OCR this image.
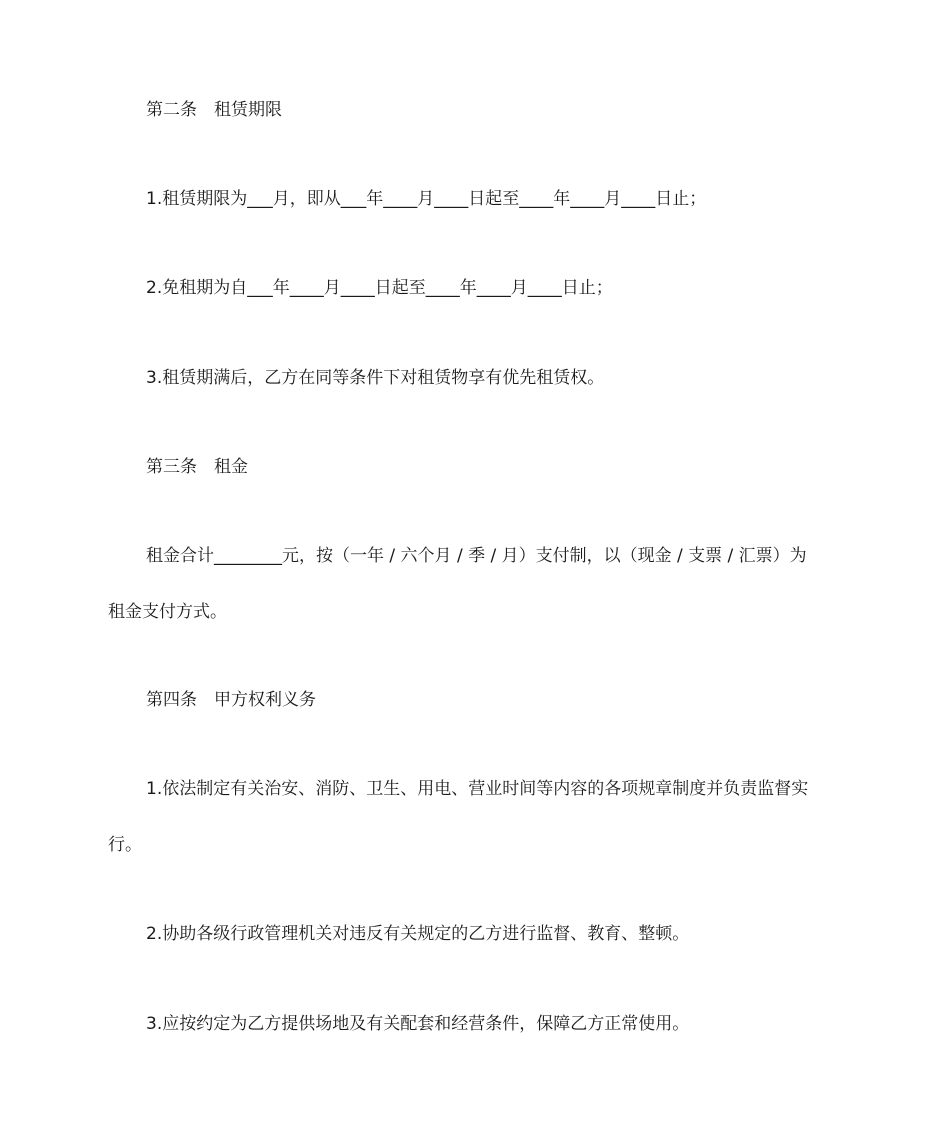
第二条　租赁期限
1.租赁期限为___月，即从___年____月____日起至____年____月____日止；
2.免租期为自___年____月____日起至____年____月____日止；
3.租赁期满后，乙方在同等条件下对租赁物享有优先租赁权。
第三条　租金
租金合计________元，按（一年 / 六个月 / 季 / 月）支付制，以（现金 / 支票 / 汇票）为
租金支付方式。
第四条　甲方权利义务
1.依法制定有关治安、消防、卫生、用电、营业时间等内容的各项规章制度并负责监督实
行。
2.协助各级行政管理机关对违反有关规定的乙方进行监督、教育、整顿。
3.应按约定为乙方提供场地及有关配套和经营条件，保障乙方正常使用。
